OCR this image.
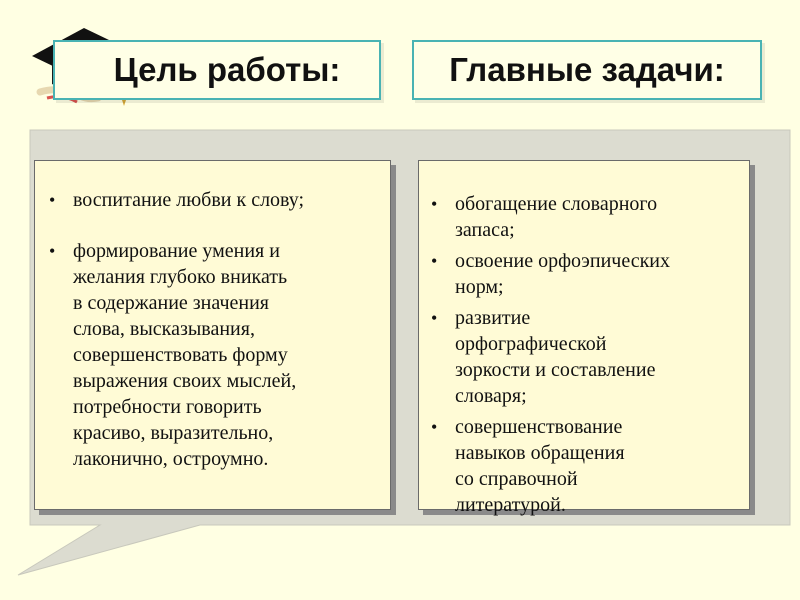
Цель работы:	Главные задачи:
• воспитание любви к слову;
• формирование умения и
желания глубоко вникать
в содержание значения
слова, высказывания,
совершенствовать форму
выражения своих мыслей,
потребности говорить
красиво, выразительно,
лаконично, остроумно.
• обогащение словарного
запаса;
• освоение орфоэпических
норм;
• развитие
орфографической
зоркости и составление
словаря;
• совершенствование
навыков обращения
со справочной
литературой.
